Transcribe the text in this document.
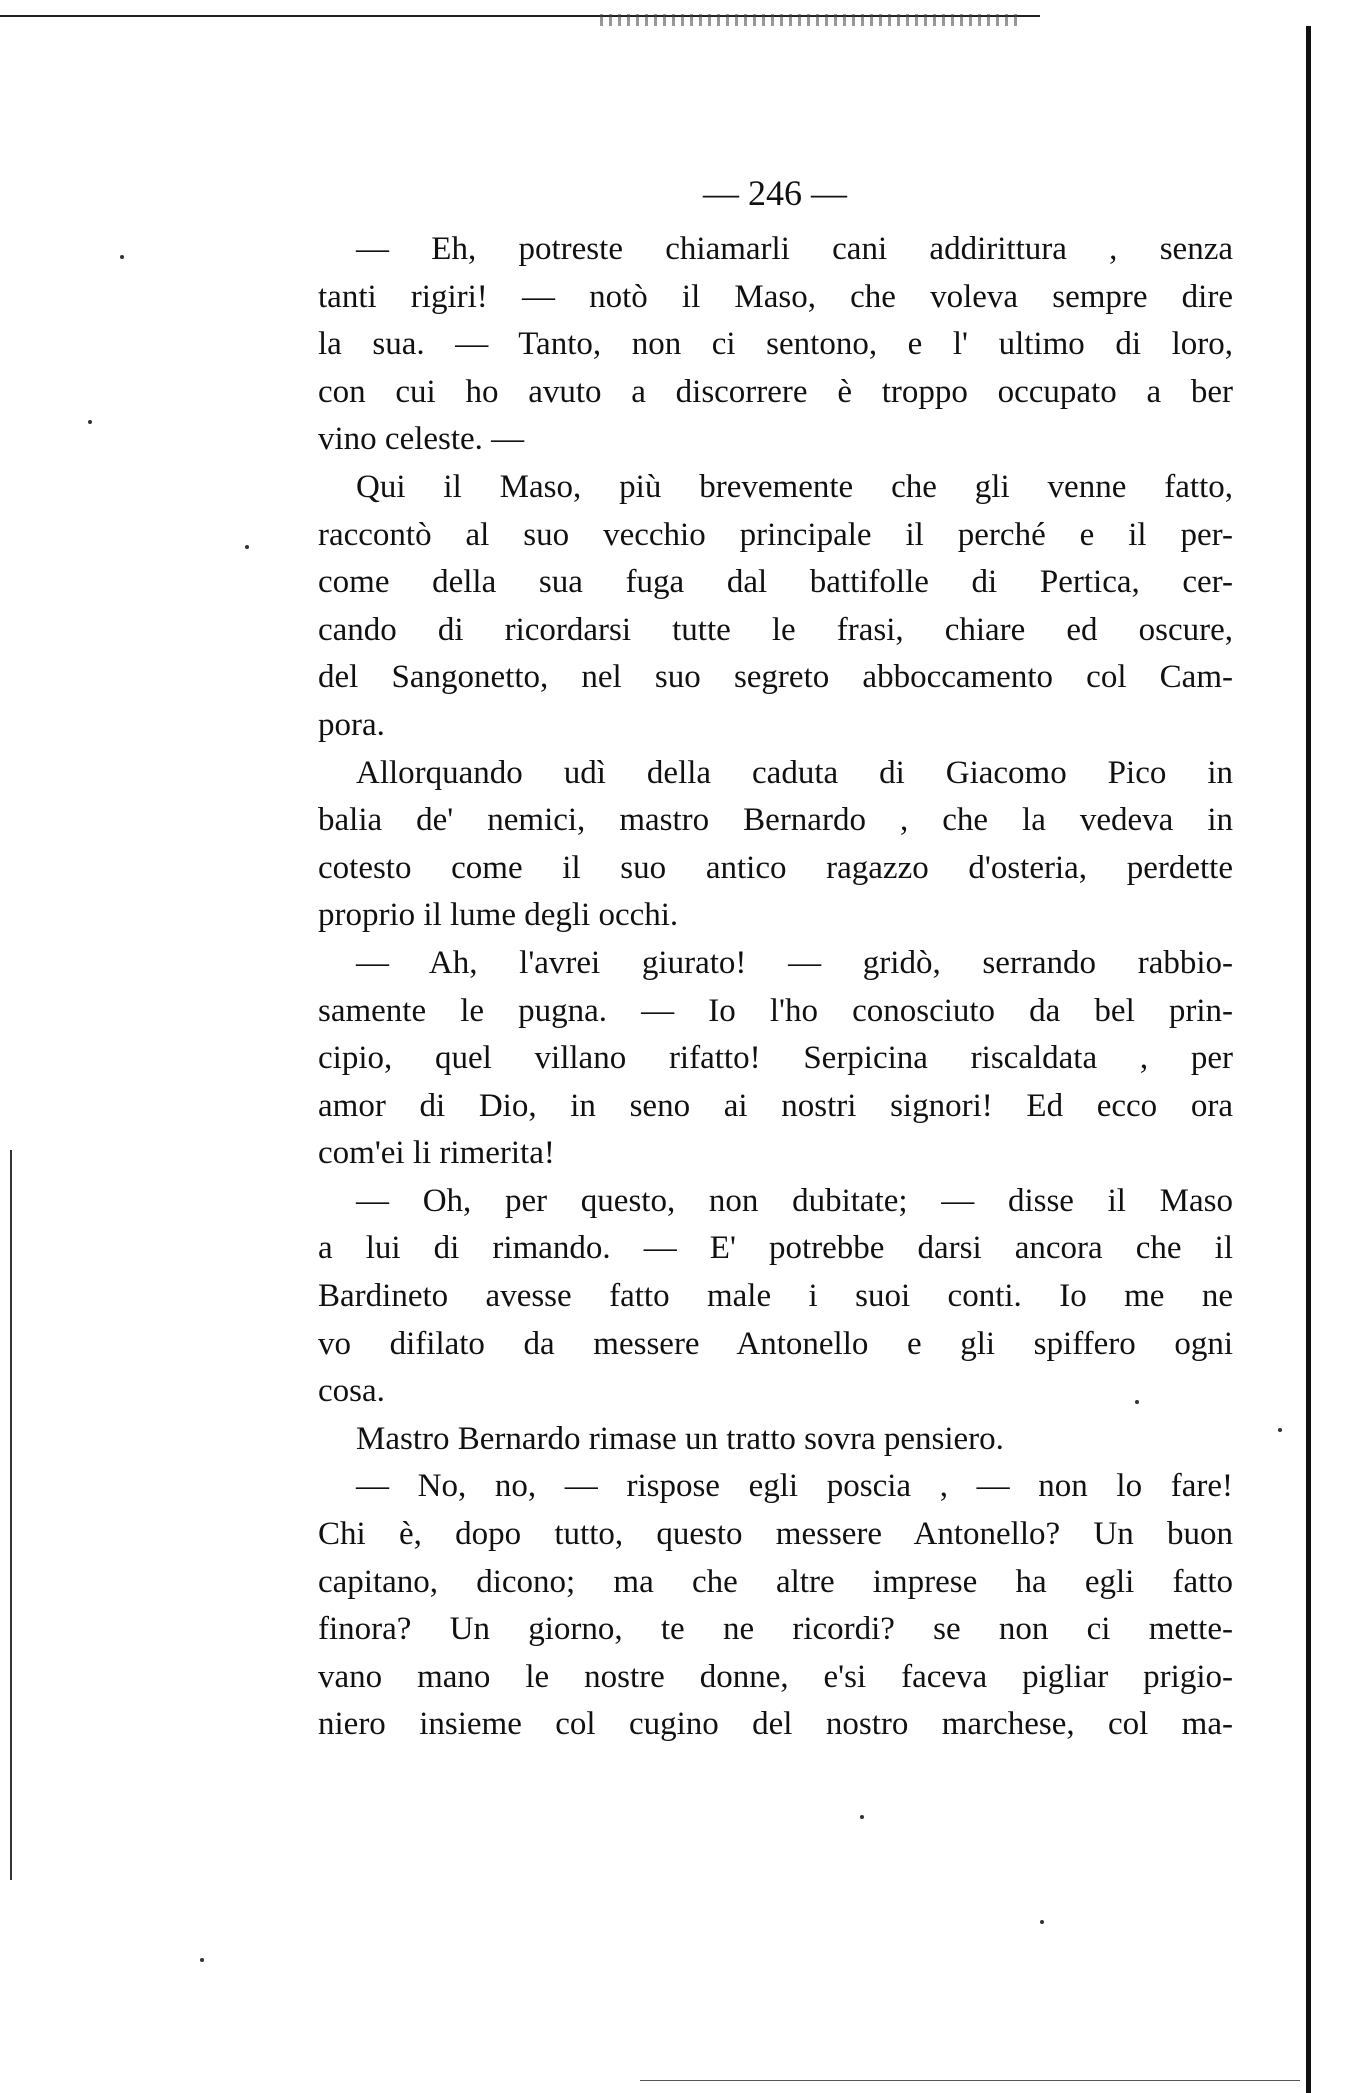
— 246 —
— Eh, potreste chiamarli cani addirittura , senza
tanti rigiri! — notò il Maso, che voleva sempre dire
la sua. — Tanto, non ci sentono, e l' ultimo di loro,
con cui ho avuto a discorrere è troppo occupato a ber
vino celeste. —
Qui il Maso, più brevemente che gli venne fatto,
raccontò al suo vecchio principale il perché e il per-
come della sua fuga dal battifolle di Pertica, cer-
cando di ricordarsi tutte le frasi, chiare ed oscure,
del Sangonetto, nel suo segreto abboccamento col Cam-
pora.
Allorquando udì della caduta di Giacomo Pico in
balia de' nemici, mastro Bernardo , che la vedeva in
cotesto come il suo antico ragazzo d'osteria, perdette
proprio il lume degli occhi.
— Ah, l'avrei giurato! — gridò, serrando rabbio-
samente le pugna. — Io l'ho conosciuto da bel prin-
cipio, quel villano rifatto! Serpicina riscaldata , per
amor di Dio, in seno ai nostri signori! Ed ecco ora
com'ei li rimerita!
— Oh, per questo, non dubitate; — disse il Maso
a lui di rimando. — E' potrebbe darsi ancora che il
Bardineto avesse fatto male i suoi conti. Io me ne
vo difilato da messere Antonello e gli spiffero ogni
cosa.
Mastro Bernardo rimase un tratto sovra pensiero.
— No, no, — rispose egli poscia , — non lo fare!
Chi è, dopo tutto, questo messere Antonello? Un buon
capitano, dicono; ma che altre imprese ha egli fatto
finora? Un giorno, te ne ricordi? se non ci mette-
vano mano le nostre donne, e'si faceva pigliar prigio-
niero insieme col cugino del nostro marchese, col ma-
